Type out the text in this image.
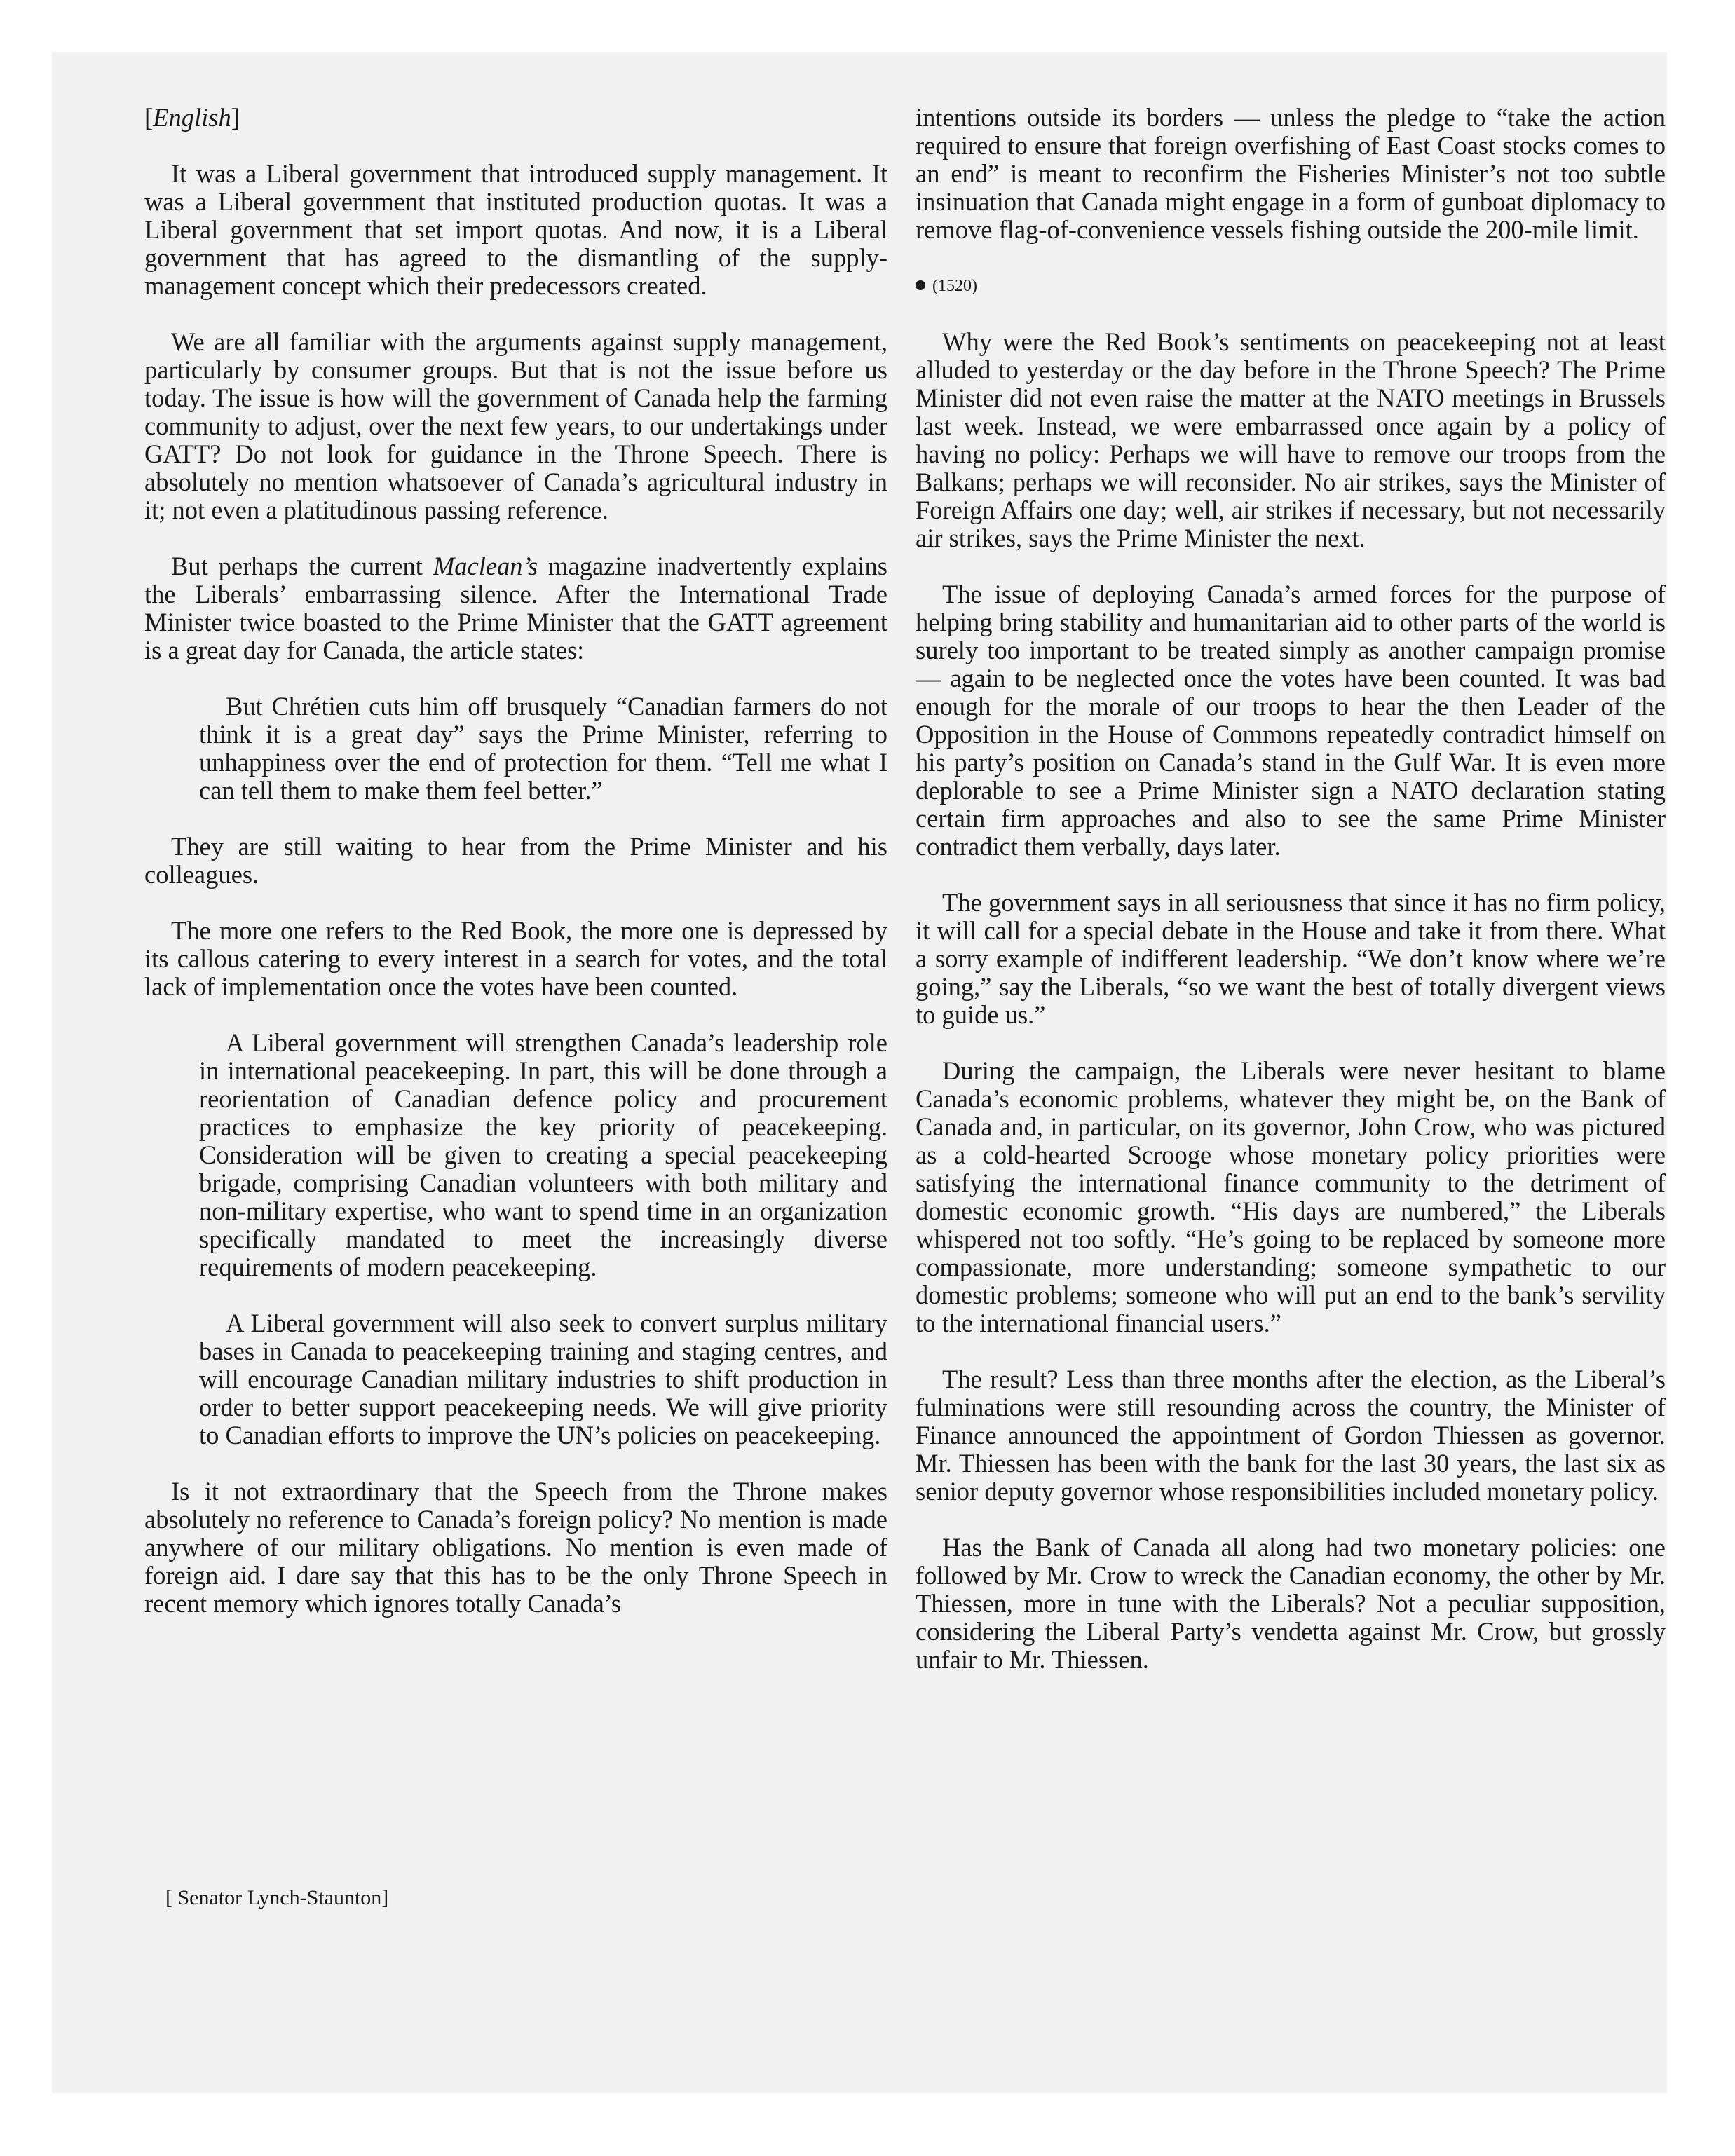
[ English ]

It was a Liberal government that introduced supply management. It was a Liberal government that instituted production quotas. It was a Liberal government that set import quotas. And now, it is a Liberal government that has agreed to the dismantling of the supply-management concept which their predecessors created.

We are all familiar with the arguments against supply management, particularly by consumer groups. But that is not the issue before us today. The issue is how will the government of Canada help the farming community to adjust, over the next few years, to our undertakings under GATT? Do not look for guidance in the Throne Speech. There is absolutely no mention whatsoever of Canada’s agricultural industry in it; not even a platitudinous passing reference.

But perhaps the current Maclean’s magazine inadvertently explains the Liberals’ embarrassing silence. After the International Trade Minister twice boasted to the Prime Minister that the GATT agreement is a great day for Canada, the article states:

But Chrétien cuts him off brusquely “Canadian farmers do not think it is a great day” says the Prime Minister, referring to unhappiness over the end of protection for them. “Tell me what I can tell them to make them feel better.”

They are still waiting to hear from the Prime Minister and his colleagues.

The more one refers to the Red Book, the more one is depressed by its callous catering to every interest in a search for votes, and the total lack of implementation once the votes have been counted.

A Liberal government will strengthen Canada’s leadership role in international peacekeeping. In part, this will be done through a reorientation of Canadian defence policy and procurement practices to emphasize the key priority of peacekeeping. Consideration will be given to creating a special peacekeeping brigade, comprising Canadian volunteers with both military and non-military expertise, who want to spend time in an organization specifically mandated to meet the increasingly diverse requirements of modern peacekeeping.

A Liberal government will also seek to convert surplus military bases in Canada to peacekeeping training and staging centres, and will encourage Canadian military industries to shift production in order to better support peacekeeping needs. We will give priority to Canadian efforts to improve the UN’s policies on peacekeeping.

Is it not extraordinary that the Speech from the Throne makes absolutely no reference to Canada’s foreign policy? No mention is made anywhere of our military obligations. No mention is even made of foreign aid. I dare say that this has to be the only Throne Speech in recent memory which ignores totally Canada’s

intentions outside its borders — unless the pledge to “take the action required to ensure that foreign overfishing of East Coast stocks comes to an end” is meant to reconfirm the Fisheries Minister’s not too subtle insinuation that Canada might engage in a form of gunboat diplomacy to remove flag-of-convenience vessels fishing outside the 200-mile limit.

(1520)

Why were the Red Book’s sentiments on peacekeeping not at least alluded to yesterday or the day before in the Throne Speech? The Prime Minister did not even raise the matter at the NATO meetings in Brussels last week. Instead, we were embarrassed once again by a policy of having no policy: Perhaps we will have to remove our troops from the Balkans; perhaps we will reconsider. No air strikes, says the Minister of Foreign Affairs one day; well, air strikes if necessary, but not necessarily air strikes, says the Prime Minister the next.

The issue of deploying Canada’s armed forces for the purpose of helping bring stability and humanitarian aid to other parts of the world is surely too important to be treated simply as another campaign promise — again to be neglected once the votes have been counted. It was bad enough for the morale of our troops to hear the then Leader of the Opposition in the House of Commons repeatedly contradict himself on his party’s position on Canada’s stand in the Gulf War. It is even more deplorable to see a Prime Minister sign a NATO declaration stating certain firm approaches and also to see the same Prime Minister contradict them verbally, days later.

The government says in all seriousness that since it has no firm policy, it will call for a special debate in the House and take it from there. What a sorry example of indifferent leadership. “We don’t know where we’re going,” say the Liberals, “so we want the best of totally divergent views to guide us.”

During the campaign, the Liberals were never hesitant to blame Canada’s economic problems, whatever they might be, on the Bank of Canada and, in particular, on its governor, John Crow, who was pictured as a cold-hearted Scrooge whose monetary policy priorities were satisfying the international finance community to the detriment of domestic economic growth. “His days are numbered,” the Liberals whispered not too softly. “He’s going to be replaced by someone more compassionate, more understanding; someone sympathetic to our domestic problems; someone who will put an end to the bank’s servility to the international financial users.”

The result? Less than three months after the election, as the Liberal’s fulminations were still resounding across the country, the Minister of Finance announced the appointment of Gordon Thiessen as governor. Mr. Thiessen has been with the bank for the last 30 years, the last six as senior deputy governor whose responsibilities included monetary policy.

Has the Bank of Canada all along had two monetary policies: one followed by Mr. Crow to wreck the Canadian economy, the other by Mr. Thiessen, more in tune with the Liberals? Not a peculiar supposition, considering the Liberal Party’s vendetta against Mr. Crow, but grossly unfair to Mr. Thiessen.

[ Senator Lynch-Staunton]
